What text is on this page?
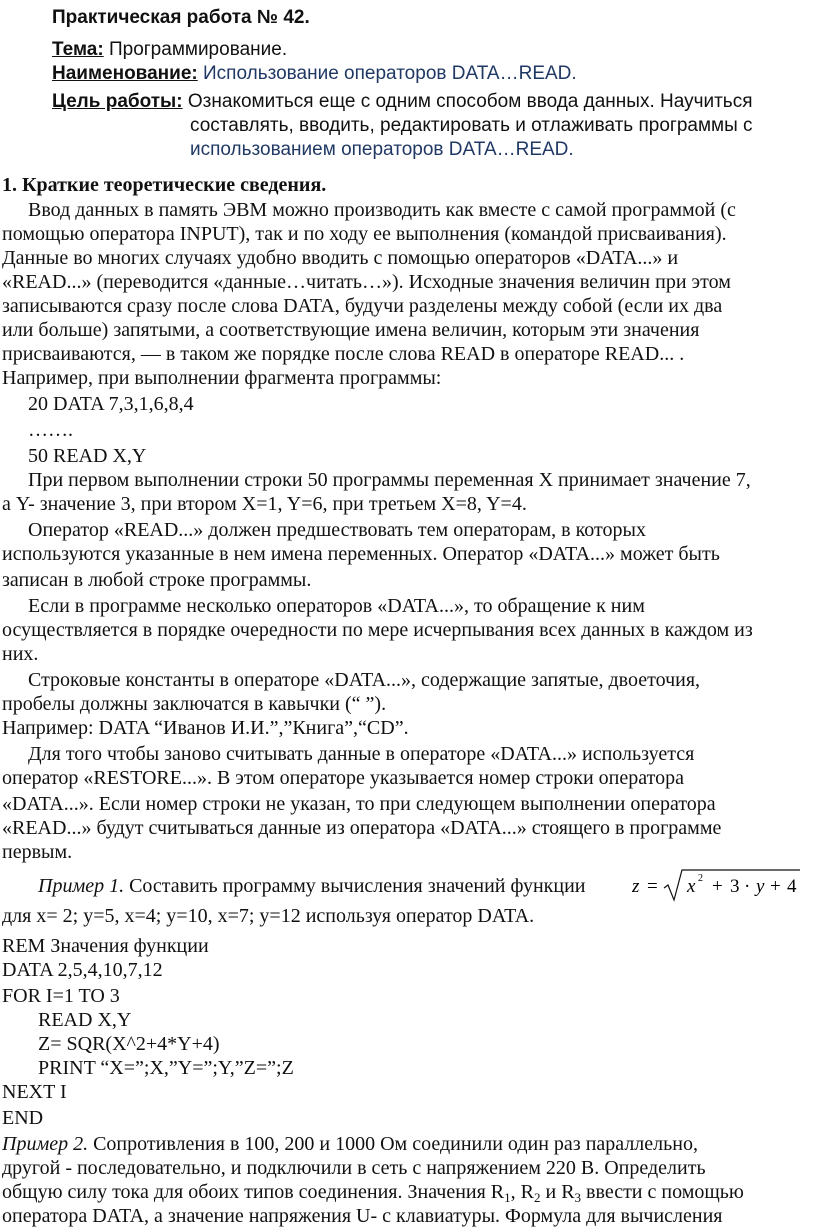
Практическая работа № 42.
Тема: Программирование.
Наименование: Использование операторов DATA…READ.
Цель работы: Ознакомиться еще с одним способом ввода данных. Научиться
составлять, вводить, редактировать и отлаживать программы с
использованием операторов DATA…READ.
1. Краткие теоретические сведения.
Ввод данных в память ЭВМ можно производить как вместе с самой программой (с
помощью оператора INPUT), так и по ходу ее выполнения (командой присваивания).
Данные во многих случаях удобно вводить с помощью операторов «DATA...» и
«READ...» (переводится «данные…читать…»). Исходные значения величин при этом
записываются сразу после слова DATA, будучи разделены между собой (если их два
или больше) запятыми, а соответствующие имена величин, которым эти значения
присваиваются, — в таком же порядке после слова READ в операторе READ... .
Например, при выполнении фрагмента программы:
20 DATA 7,3,1,6,8,4
…….
50 READ X,Y
При первом выполнении строки 50 программы переменная X принимает значение 7,
а Y- значение 3, при втором X=1, Y=6, при третьем X=8, Y=4.
Оператор «READ...» должен предшествовать тем операторам, в которых
используются указанные в нем имена переменных. Оператор «DATA...» может быть
записан в любой строке программы.
Если в программе несколько операторов «DATA...», то обращение к ним
осуществляется в порядке очередности по мере исчерпывания всех данных в каждом из
них.
Строковые константы в операторе «DATA...», содержащие запятые, двоеточия,
пробелы должны заключатся в кавычки (“ ”).
Например: DATA “Иванов И.И.”,”Книга”,“CD”.
Для того чтобы заново считывать данные в операторе «DATA...» используется
оператор «RESTORE...». В этом операторе указывается номер строки оператора
«DATA...». Если номер строки не указан, то при следующем выполнении оператора
«READ...» будут считываться данные из оператора «DATA...» стоящего в программе
первым.
Пример 1. Составить программу вычисления значений функции z = x 2 + 3 · y + 4
для x= 2; y=5, x=4; y=10, x=7; y=12 используя оператор DATA.
REM Значения функции
DATA 2,5,4,10,7,12
FOR I=1 TO 3
READ X,Y
Z= SQR(X^2+4*Y+4)
PRINT “X=”;X,”Y=”;Y,”Z=”;Z
NEXT I
END
Пример 2. Сопротивления в 100, 200 и 1000 Ом соединили один раз параллельно,
другой - последовательно, и подключили в сеть с напряжением 220 В. Определить
общую силу тока для обоих типов соединения. Значения $R_1$, $R_2$ и $R_3$ ввести с помощью
оператора DATA, а значение напряжения U- с клавиатуры. Формула для вычисления
